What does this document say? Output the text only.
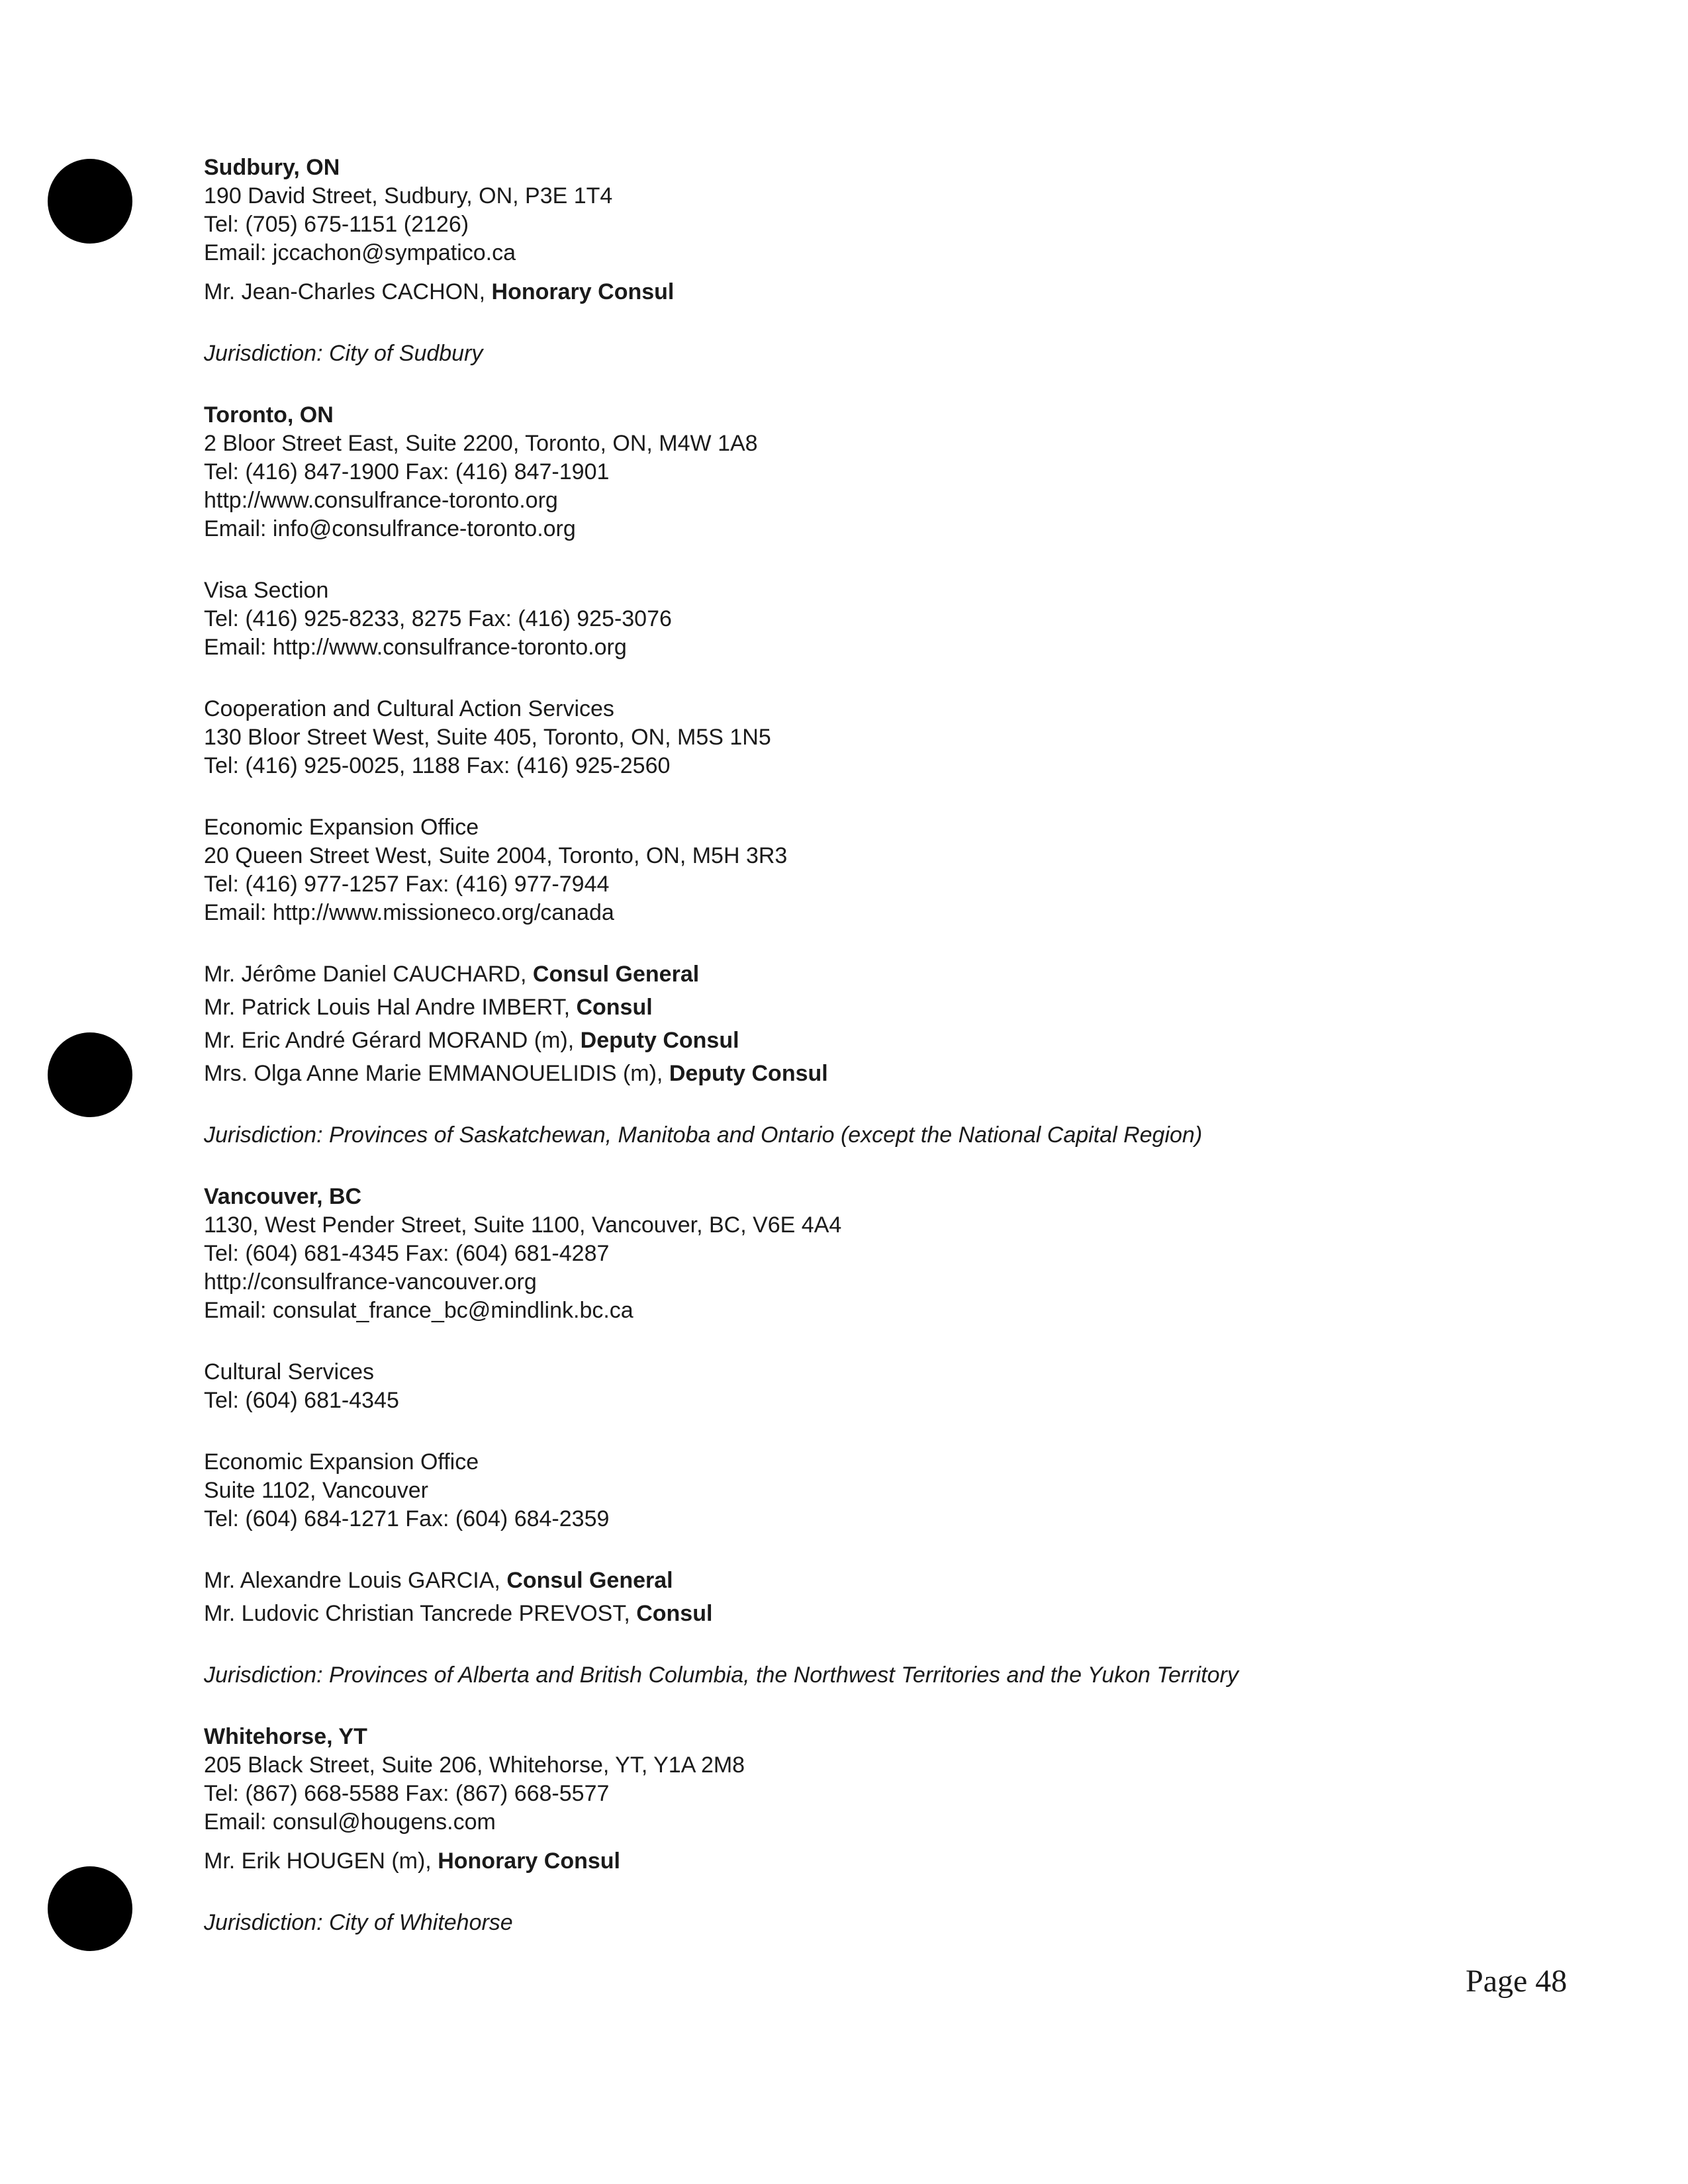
Sudbury, ON
190 David Street, Sudbury, ON, P3E 1T4
Tel: (705) 675-1151 (2126)
Email: jccachon@sympatico.ca
Mr. Jean-Charles CACHON, Honorary Consul
Jurisdiction: City of Sudbury
Toronto, ON
2 Bloor Street East, Suite 2200, Toronto, ON, M4W 1A8
Tel: (416) 847-1900 Fax: (416) 847-1901
http://www.consulfrance-toronto.org
Email: info@consulfrance-toronto.org
Visa Section
Tel: (416) 925-8233, 8275 Fax: (416) 925-3076
Email: http://www.consulfrance-toronto.org
Cooperation and Cultural Action Services
130 Bloor Street West, Suite 405, Toronto, ON, M5S 1N5
Tel: (416) 925-0025, 1188 Fax: (416) 925-2560
Economic Expansion Office
20 Queen Street West, Suite 2004, Toronto, ON, M5H 3R3
Tel: (416) 977-1257 Fax: (416) 977-7944
Email: http://www.missioneco.org/canada
Mr. Jérôme Daniel CAUCHARD, Consul General
Mr. Patrick Louis Hal Andre IMBERT, Consul
Mr. Eric André Gérard MORAND (m), Deputy Consul
Mrs. Olga Anne Marie EMMANOUELIDIS (m), Deputy Consul
Jurisdiction: Provinces of Saskatchewan, Manitoba and Ontario (except the National Capital Region)
Vancouver, BC
1130, West Pender Street, Suite 1100, Vancouver, BC, V6E 4A4
Tel: (604) 681-4345 Fax: (604) 681-4287
http://consulfrance-vancouver.org
Email: consulat_france_bc@mindlink.bc.ca
Cultural Services
Tel: (604) 681-4345
Economic Expansion Office
Suite 1102, Vancouver
Tel: (604) 684-1271 Fax: (604) 684-2359
Mr. Alexandre Louis GARCIA, Consul General
Mr. Ludovic Christian Tancrede PREVOST, Consul
Jurisdiction: Provinces of Alberta and British Columbia, the Northwest Territories and the Yukon Territory
Whitehorse, YT
205 Black Street, Suite 206, Whitehorse, YT, Y1A 2M8
Tel: (867) 668-5588 Fax: (867) 668-5577
Email: consul@hougens.com
Mr. Erik HOUGEN (m), Honorary Consul
Jurisdiction: City of Whitehorse
Page 48
